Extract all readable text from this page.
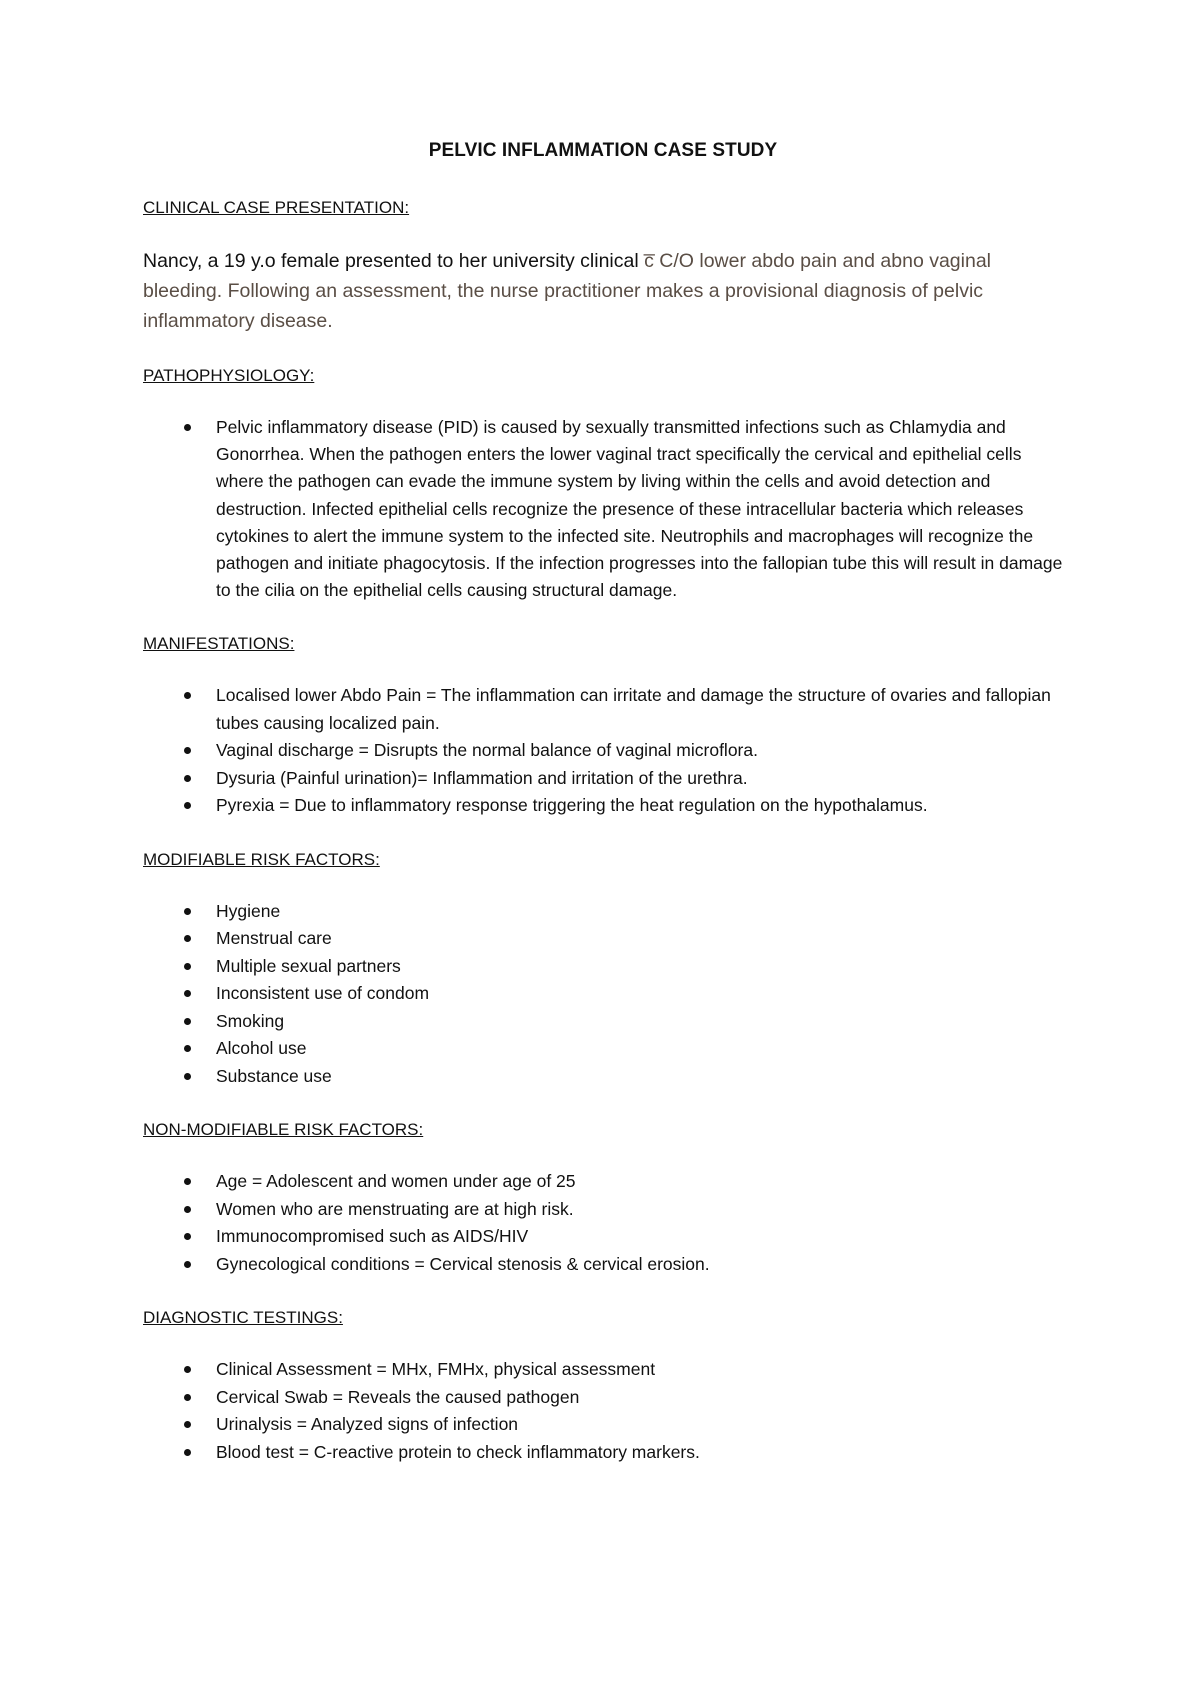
PELVIC INFLAMMATION CASE STUDY
CLINICAL CASE PRESENTATION:
Nancy, a 19 y.o female presented to her university clinical c̅ C/O lower abdo pain and abno vaginal bleeding. Following an assessment, the nurse practitioner makes a provisional diagnosis of pelvic inflammatory disease.
PATHOPHYSIOLOGY:
Pelvic inflammatory disease (PID) is caused by sexually transmitted infections such as Chlamydia and Gonorrhea. When the pathogen enters the lower vaginal tract specifically the cervical and epithelial cells where the pathogen can evade the immune system by living within the cells and avoid detection and destruction. Infected epithelial cells recognize the presence of these intracellular bacteria which releases cytokines to alert the immune system to the infected site. Neutrophils and macrophages will recognize the pathogen and initiate phagocytosis. If the infection progresses into the fallopian tube this will result in damage to the cilia on the epithelial cells causing structural damage.
MANIFESTATIONS:
Localised lower Abdo Pain = The inflammation can irritate and damage the structure of ovaries and fallopian tubes causing localized pain.
Vaginal discharge = Disrupts the normal balance of vaginal microflora.
Dysuria (Painful urination)= Inflammation and irritation of the urethra.
Pyrexia = Due to inflammatory response triggering the heat regulation on the hypothalamus.
MODIFIABLE RISK FACTORS:
Hygiene
Menstrual care
Multiple sexual partners
Inconsistent use of condom
Smoking
Alcohol use
Substance use
NON-MODIFIABLE RISK FACTORS:
Age = Adolescent and women under age of 25
Women who are menstruating are at high risk.
Immunocompromised such as AIDS/HIV
Gynecological conditions = Cervical stenosis & cervical erosion.
DIAGNOSTIC TESTINGS:
Clinical Assessment = MHx, FMHx, physical assessment
Cervical Swab = Reveals the caused pathogen
Urinalysis = Analyzed signs of infection
Blood test = C-reactive protein to check inflammatory markers.
